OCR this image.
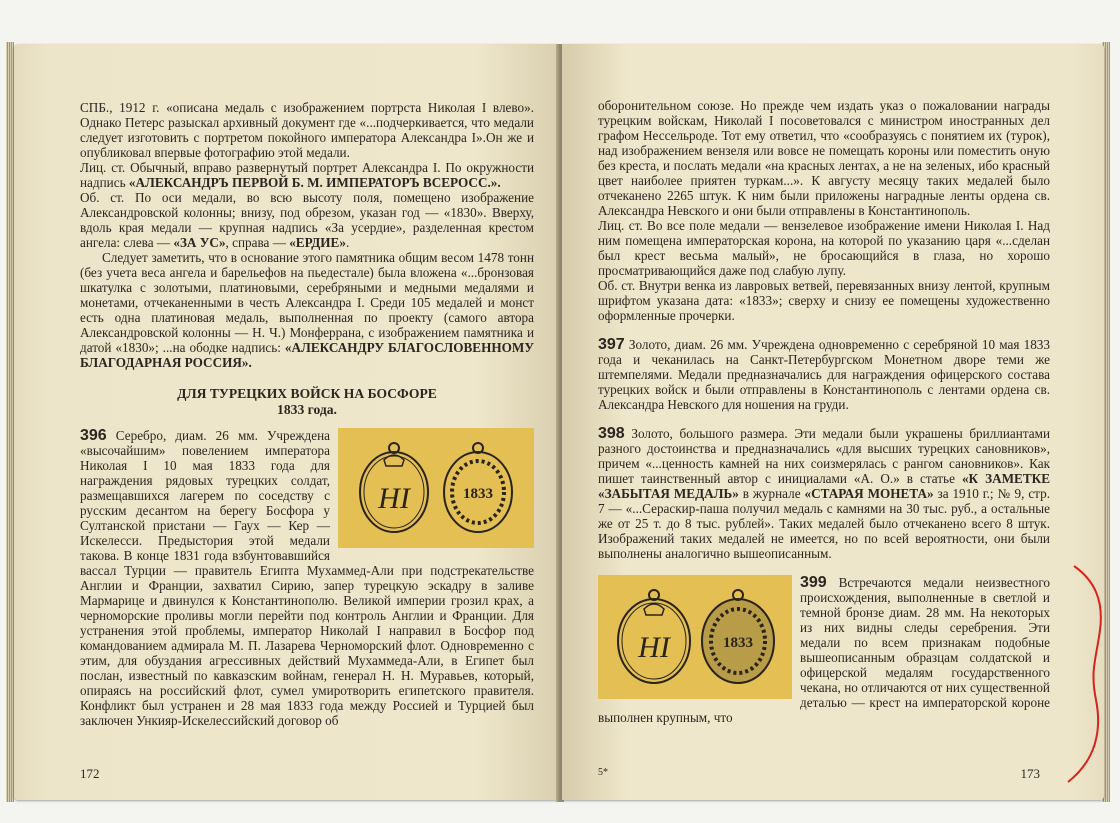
СПБ., 1912 г. «описана медаль с изображением портрста Николая I влево». Однако Петерс разыскал архивный документ где «...подчеркивается, что медали следует изготовить с портретом покойного императора Александра I».Он же и опубликовал впервые фотографию этой медали.

Лиц. ст. Обычный, вправо развернутый портрет Александра I. По окружности надпись «АЛЕКСАНДРЪ ПЕРВОЙ Б. М. ИМПЕРАТОРЪ ВСЕРОСС.».

Об. ст. По оси медали, во всю высоту поля, помещено изображение Александровской колонны; внизу, под обрезом, указан год — «1830». Вверху, вдоль края медали — крупная надпись «За усердие», разделенная крестом ангела: слева — «ЗА УС», справа — «ЕРДИЕ».

Следует заметить, что в основание этого памятника общим весом 1478 тонн (без учета веса ангела и барельефов на пьедестале) была вложена «...бронзовая шкатулка с золотыми, платиновыми, серебряными и медными медалями и монетами, отчеканенными в честь Александра I. Среди 105 медалей и монст есть одна платиновая медаль, выполненная по проекту (самого автора Александровской колонны — Н. Ч.) Монферрана, с изображением памятника и датой «1830»; ...на ободке надпись: «АЛЕКСАНДРУ БЛАГОСЛОВЕННОМУ БЛАГОДАРНАЯ РОССИЯ».

ДЛЯ ТУРЕЦКИХ ВОЙСК НА БОСФОРЕ
1833 года.
НI	1833

396 Серебро, диам. 26 мм. Учреждена «высочайшим» повелением императора Николая I 10 мая 1833 года для награждения рядовых турецких солдат, размещавшихся лагерем по соседству с русским десантом на берегу Босфора у Султанской пристани — Гаух — Кер — Искелесси. Предыстория этой медали такова. В конце 1831 года взбунтовавшийся вассал Турции — правитель Египта Мухаммед-Али при подстрекательстве Англии и Франции, захватил Сирию, запер турецкую эскадру в заливе Мармарице и двинулся к Константинополю. Великой империи грозил крах, а черноморские проливы могли перейти под контроль Англии и Франции. Для устранения этой проблемы, император Николай I направил в Босфор под командованием адмирала М. П. Лазарева Черноморский флот. Одновременно с этим, для обуздания агрессивных действий Мухаммеда-Али, в Египет был послан, известный по кавказским войнам, генерал Н. Н. Муравьев, который, опираясь на российский флот, сумел умиротворить египетского правителя. Конфликт был устранен и 28 мая 1833 года между Россией и Турцией был заключен Ункияр-Искелессийский договор об

172

оборонительном союзе. Но прежде чем издать указ о пожаловании награды турецким войскам, Николай I посоветовался с министром иностранных дел графом Нессельроде. Тот ему ответил, что «сообразуясь с понятием их (турок), над изображением вензеля или вовсе не помещать короны или поместить оную без креста, и послать медали «на красных лентах, а не на зеленых, ибо красный цвет наиболее приятен туркам...». К августу месяцу таких медалей было отчеканено 2265 штук. К ним были приложены наградные ленты ордена св. Александра Невского и они были отправлены в Константинополь.

Лиц. ст. Во все поле медали — вензелевое изображение имени Николая I. Над ним помещена императорская корона, на которой по указанию царя «...сделан был крест весьма малый», не бросающийся в глаза, но хорошо просматривающийся даже под слабую лупу.

Об. ст. Внутри венка из лавровых ветвей, перевязанных внизу лентой, крупным шрифтом указана дата: «1833»; сверху и снизу ее помещены художественно оформленные прочерки.

397 Золото, диам. 26 мм. Учреждена одновременно с серебряной 10 мая 1833 года и чеканилась на Санкт-Петербургском Монетном дворе теми же штемпелями. Медали предназначались для награждения офицерского состава турецких войск и были отправлены в Константинополь с лентами ордена св. Александра Невского для ношения на груди.

398 Золото, большого размера. Эти медали были украшены бриллиантами разного достоинства и предназначались «для высших турецких сановников», причем «...ценность камней на них соизмерялась с рангом сановников». Как пишет таинственный автор с инициалами «А. О.» в статье «К ЗАМЕТКЕ «ЗАБЫТАЯ МЕДАЛЬ» в журнале «СТАРАЯ МОНЕТА» за 1910 г.; № 9, стр. 7 — «...Сераскир-паша получил медаль с камнями на 30 тыс. руб., а остальные же от 25 т. до 8 тыс. рублей». Таких медалей было отчеканено всего 8 штук. Изображений таких медалей не имеется, но по всей вероятности, они были выполнены аналогично вышеописанным.

НI	1833

399 Встречаются медали неизвестного происхождения, выполненные в светлой и темной бронзе диам. 28 мм. На некоторых из них видны следы серебрения. Эти медали по всем признакам подобные вышеописанным образцам солдатской и офицерской медалям государственного чекана, но отличаются от них существенной деталью — крест на императорской короне выполнен крупным, что

5*	173
